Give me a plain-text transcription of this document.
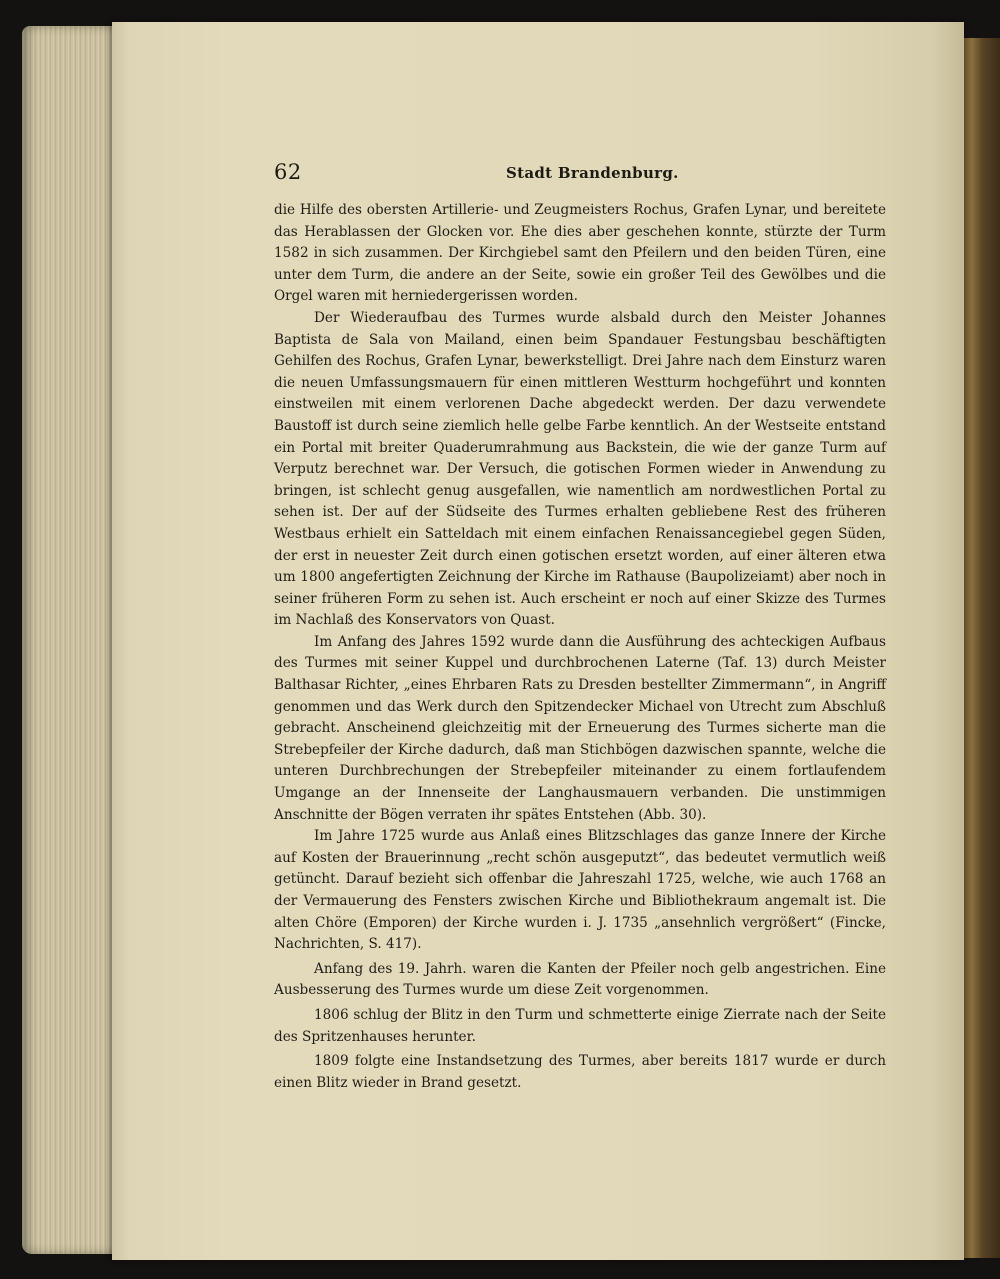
62	Stadt Brandenburg.

die Hilfe des obersten Artillerie- und Zeugmeisters Rochus, Grafen Lynar, und bereitete das Herablassen der Glocken vor. Ehe dies aber geschehen konnte, stürzte der Turm 1582 in sich zusammen. Der Kirchgiebel samt den Pfeilern und den beiden Türen, eine unter dem Turm, die andere an der Seite, sowie ein großer Teil des Gewölbes und die Orgel waren mit herniedergerissen worden.

Der Wiederaufbau des Turmes wurde alsbald durch den Meister Johannes Baptista de Sala von Mailand, einen beim Spandauer Festungsbau beschäftigten Gehilfen des Rochus, Grafen Lynar, bewerkstelligt. Drei Jahre nach dem Einsturz waren die neuen Umfassungsmauern für einen mittleren Westturm hochgeführt und konnten einstweilen mit einem verlorenen Dache abgedeckt werden. Der dazu verwendete Baustoff ist durch seine ziemlich helle gelbe Farbe kenntlich. An der Westseite entstand ein Portal mit breiter Quaderumrahmung aus Backstein, die wie der ganze Turm auf Verputz berechnet war. Der Versuch, die gotischen Formen wieder in Anwendung zu bringen, ist schlecht genug ausgefallen, wie namentlich am nordwestlichen Portal zu sehen ist. Der auf der Südseite des Turmes erhalten gebliebene Rest des früheren Westbaus erhielt ein Satteldach mit einem einfachen Renaissancegiebel gegen Süden, der erst in neuester Zeit durch einen gotischen ersetzt worden, auf einer älteren etwa um 1800 angefertigten Zeichnung der Kirche im Rathause (Baupolizeiamt) aber noch in seiner früheren Form zu sehen ist. Auch erscheint er noch auf einer Skizze des Turmes im Nachlaß des Konservators von Quast.

Im Anfang des Jahres 1592 wurde dann die Ausführung des achteckigen Aufbaus des Turmes mit seiner Kuppel und durchbrochenen Laterne (Taf. 13) durch Meister Balthasar Richter, „eines Ehrbaren Rats zu Dresden bestellter Zimmermann“, in Angriff genommen und das Werk durch den Spitzendecker Michael von Utrecht zum Abschluß gebracht. Anscheinend gleichzeitig mit der Erneuerung des Turmes sicherte man die Strebepfeiler der Kirche dadurch, daß man Stichbögen dazwischen spannte, welche die unteren Durchbrechungen der Strebepfeiler miteinander zu einem fortlaufendem Umgange an der Innenseite der Langhausmauern verbanden. Die unstimmigen Anschnitte der Bögen verraten ihr spätes Entstehen (Abb. 30).

Im Jahre 1725 wurde aus Anlaß eines Blitzschlages das ganze Innere der Kirche auf Kosten der Brauerinnung „recht schön ausgeputzt“, das bedeutet vermutlich weiß getüncht. Darauf bezieht sich offenbar die Jahreszahl 1725, welche, wie auch 1768 an der Vermauerung des Fensters zwischen Kirche und Bibliothekraum angemalt ist. Die alten Chöre (Emporen) der Kirche wurden i. J. 1735 „ansehnlich vergrößert“ (Fincke, Nachrichten, S. 417).

Anfang des 19. Jahrh. waren die Kanten der Pfeiler noch gelb angestrichen. Eine Ausbesserung des Turmes wurde um diese Zeit vorgenommen.

1806 schlug der Blitz in den Turm und schmetterte einige Zierrate nach der Seite des Spritzenhauses herunter.

1809 folgte eine Instandsetzung des Turmes, aber bereits 1817 wurde er durch einen Blitz wieder in Brand gesetzt.
